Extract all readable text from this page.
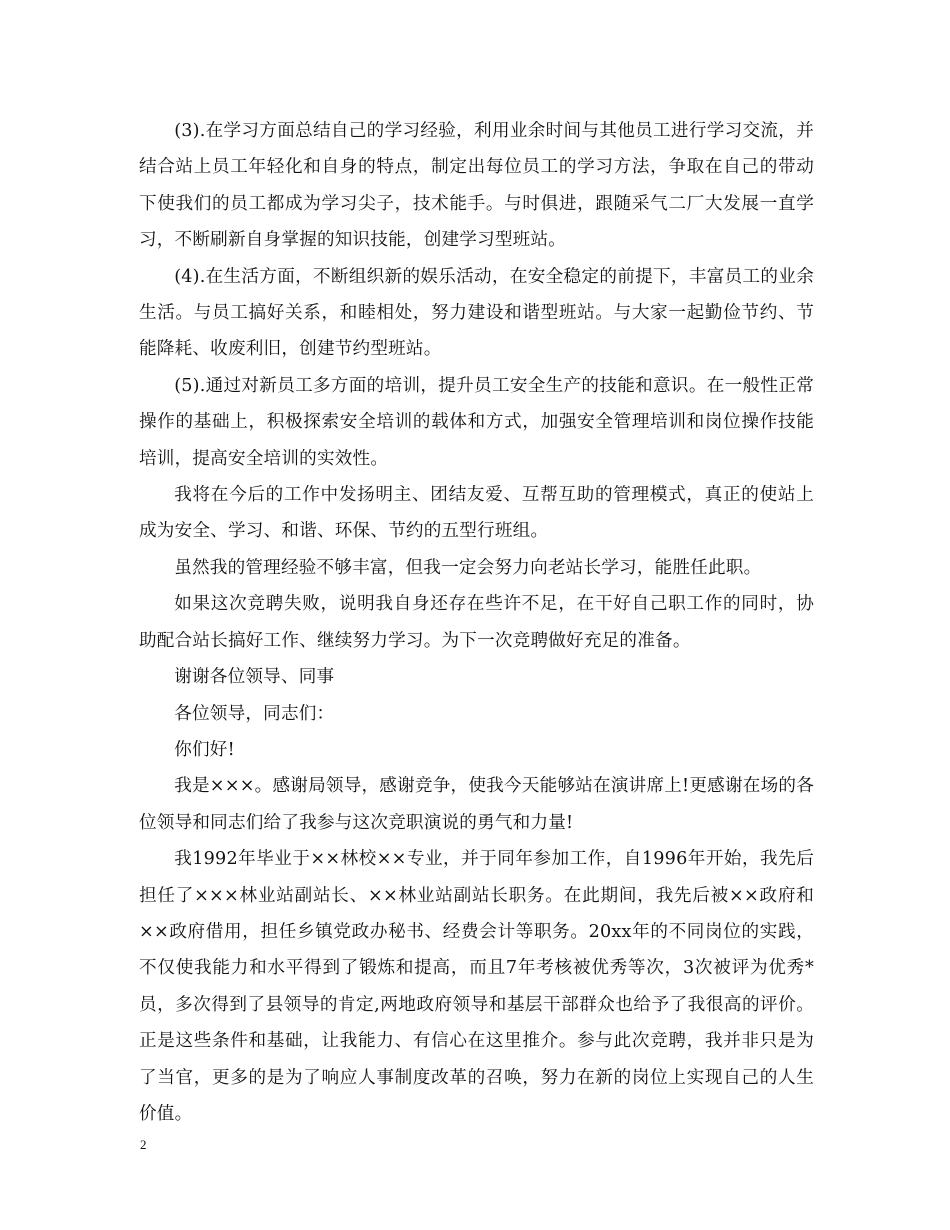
(3).在学习方面总结自己的学习经验，利用业余时间与其他员工进行学习交流，并结合站上员工年轻化和自身的特点，制定出每位员工的学习方法，争取在自己的带动下使我们的员工都成为学习尖子，技术能手。与时俱进，跟随采气二厂大发展一直学习，不断刷新自身掌握的知识技能，创建学习型班站。

(4).在生活方面，不断组织新的娱乐活动，在安全稳定的前提下，丰富员工的业余生活。与员工搞好关系，和睦相处，努力建设和谐型班站。与大家一起勤俭节约、节能降耗、收废利旧，创建节约型班站。

(5).通过对新员工多方面的培训，提升员工安全生产的技能和意识。在一般性正常操作的基础上，积极探索安全培训的载体和方式，加强安全管理培训和岗位操作技能培训，提高安全培训的实效性。

我将在今后的工作中发扬明主、团结友爱、互帮互助的管理模式，真正的使站上成为安全、学习、和谐、环保、节约的五型行班组。

虽然我的管理经验不够丰富，但我一定会努力向老站长学习，能胜任此职。

如果这次竞聘失败，说明我自身还存在些许不足，在干好自己职工作的同时，协助配合站长搞好工作、继续努力学习。为下一次竞聘做好充足的准备。

谢谢各位领导、同事

各位领导，同志们：

你们好!

我是×××。感谢局领导，感谢竞争，使我今天能够站在演讲席上!更感谢在场的各位领导和同志们给了我参与这次竞职演说的勇气和力量!

我1992年毕业于××林校××专业，并于同年参加工作，自1996年开始，我先后担任了×××林业站副站长、××林业站副站长职务。在此期间，我先后被××政府和××政府借用，担任乡镇党政办秘书、经费会计等职务。20xx年的不同岗位的实践，不仅使我能力和水平得到了锻炼和提高，而且7年考核被优秀等次，3次被评为优秀*员，多次得到了县领导的肯定,两地政府领导和基层干部群众也给予了我很高的评价。正是这些条件和基础，让我能力、有信心在这里推介。参与此次竞聘，我并非只是为了当官，更多的是为了响应人事制度改革的召唤，努力在新的岗位上实现自己的人生价值。

2
